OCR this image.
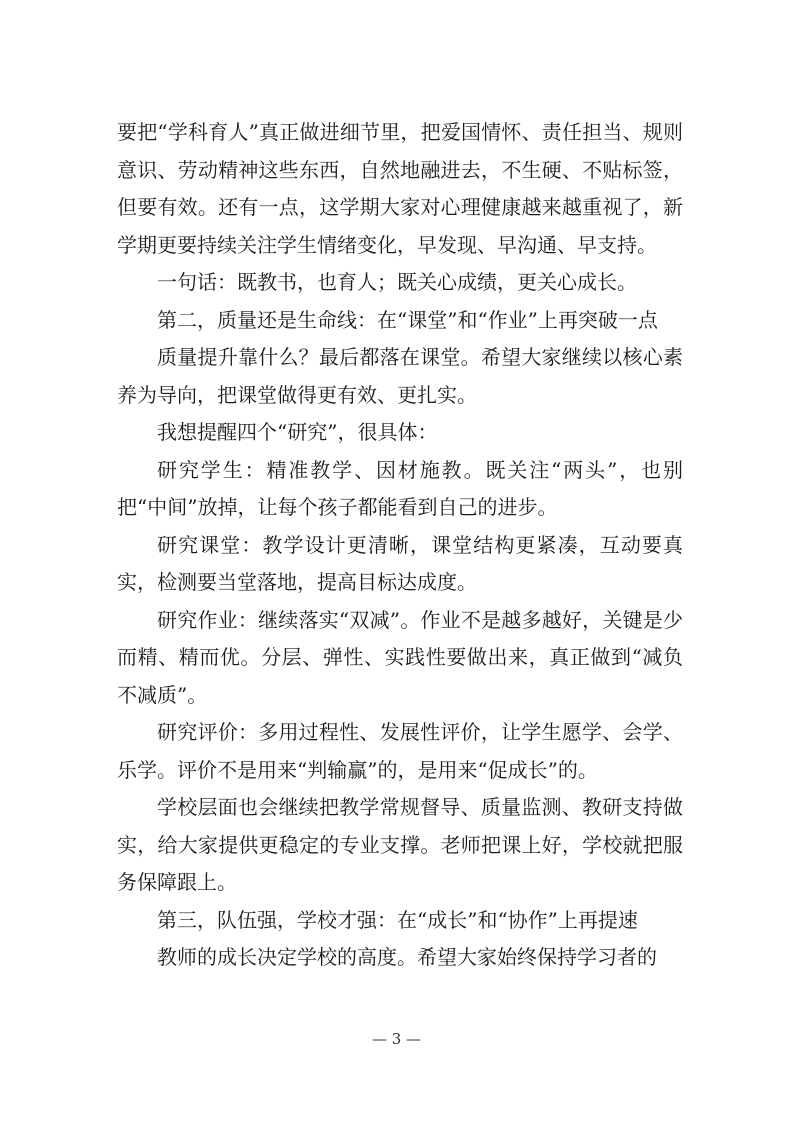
要把“学科育人”真正做进细节里，把爱国情怀、责任担当、规则意识、劳动精神这些东西，自然地融进去，不生硬、不贴标签，但要有效。还有一点，这学期大家对心理健康越来越重视了，新学期更要持续关注学生情绪变化，早发现、早沟通、早支持。

一句话：既教书，也育人；既关心成绩，更关心成长。

第二，质量还是生命线：在“课堂”和“作业”上再突破一点

质量提升靠什么？最后都落在课堂。希望大家继续以核心素养为导向，把课堂做得更有效、更扎实。

我想提醒四个“研究”，很具体：

研究学生：精准教学、因材施教。既关注“两头”，也别把“中间”放掉，让每个孩子都能看到自己的进步。

研究课堂：教学设计更清晰，课堂结构更紧凑，互动要真实，检测要当堂落地，提高目标达成度。

研究作业：继续落实“双减”。作业不是越多越好，关键是少而精、精而优。分层、弹性、实践性要做出来，真正做到“减负不减质”。

研究评价：多用过程性、发展性评价，让学生愿学、会学、乐学。评价不是用来“判输赢”的，是用来“促成长”的。

学校层面也会继续把教学常规督导、质量监测、教研支持做实，给大家提供更稳定的专业支撑。老师把课上好，学校就把服务保障跟上。

第三，队伍强，学校才强：在“成长”和“协作”上再提速

教师的成长决定学校的高度。希望大家始终保持学习者的

— 3 —
